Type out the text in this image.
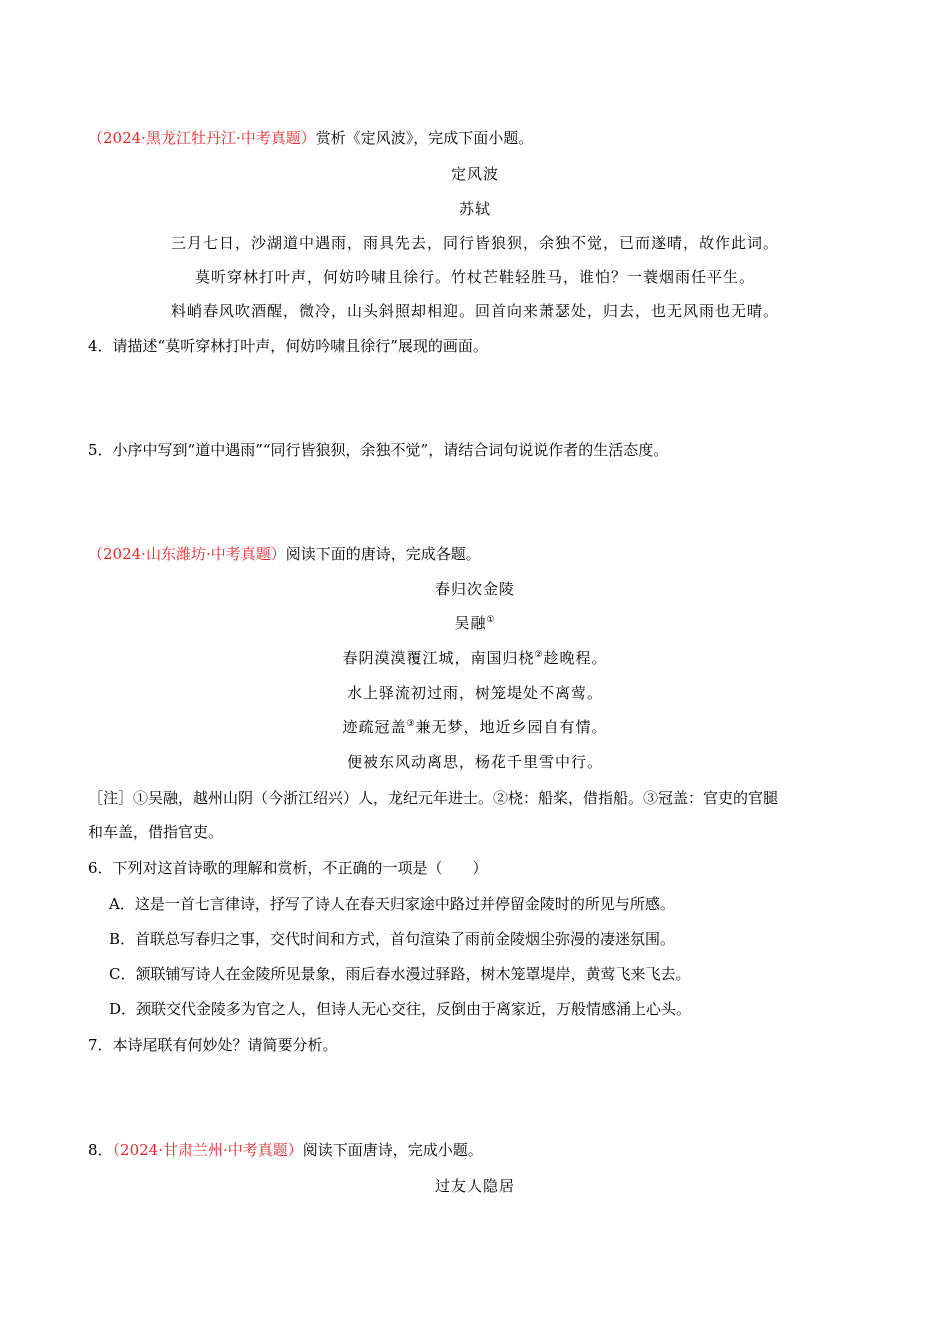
（2024·黑龙江牡丹江·中考真题）赏析《定风波》，完成下面小题。
定风波
苏轼
三月七日，沙湖道中遇雨，雨具先去，同行皆狼狈，余独不觉，已而遂晴，故作此词。
莫听穿林打叶声，何妨吟啸且徐行。竹杖芒鞋轻胜马，谁怕？一蓑烟雨任平生。
料峭春风吹酒醒，微冷，山头斜照却相迎。回首向来萧瑟处，归去，也无风雨也无晴。
4．请描述“莫听穿林打叶声，何妨吟啸且徐行”展现的画面。
5．小序中写到“道中遇雨”“同行皆狼狈，余独不觉”，请结合词句说说作者的生活态度。
（2024·山东潍坊·中考真题）阅读下面的唐诗，完成各题。
春归次金陵
吴融①
春阴漠漠覆江城，南国归桡②趁晚程。
水上驿流初过雨，树笼堤处不离莺。
迹疏冠盖③兼无梦，地近乡园自有情。
便被东风动离思，杨花千里雪中行。
［注］①吴融，越州山阴（今浙江绍兴）人，龙纪元年进士。②桡：船桨，借指船。③冠盖：官吏的官腿
和车盖，借指官吏。
6．下列对这首诗歌的理解和赏析，不正确的一项是（　　）
A．这是一首七言律诗，抒写了诗人在春天归家途中路过并停留金陵时的所见与所感。
B．首联总写春归之事，交代时间和方式，首句渲染了雨前金陵烟尘弥漫的凄迷氛围。
C．颔联铺写诗人在金陵所见景象，雨后春水漫过驿路，树木笼罩堤岸，黄莺飞来飞去。
D．颈联交代金陵多为官之人，但诗人无心交往，反倒由于离家近，万般情感涌上心头。
7．本诗尾联有何妙处？请简要分析。
8．（2024·甘肃兰州·中考真题）阅读下面唐诗，完成小题。
过友人隐居
